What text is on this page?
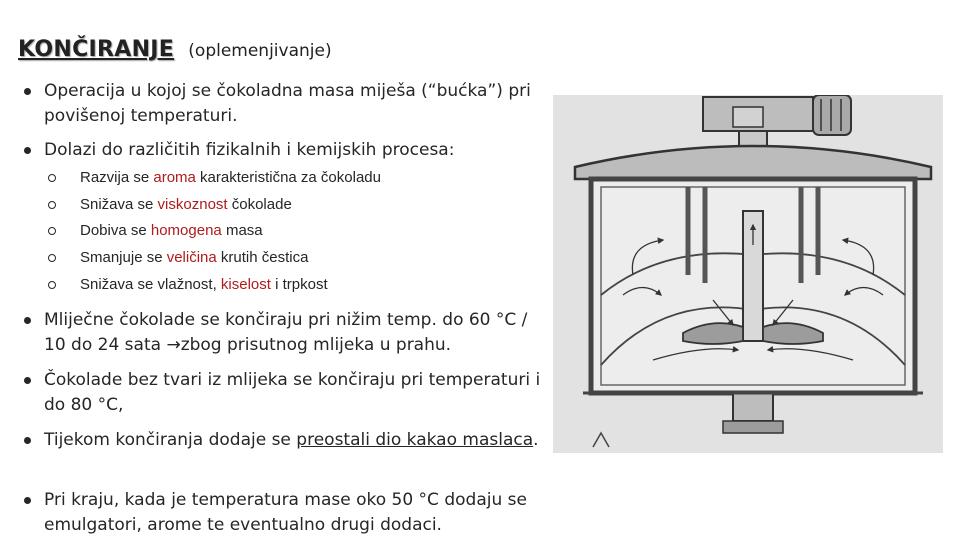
KONČIRANJE (oplemenjivanje)
Operacija u kojoj se čokoladna masa miješa (“bućka”) pri povišenoj temperaturi.
Dolazi do različitih fizikalnih i kemijskih procesa:
Razvija se aroma karakteristična za čokoladu
Snižava se viskoznost čokolade
Dobiva se homogena masa
Smanjuje se veličina krutih čestica
Snižava se vlažnost, kiselost i trpkost
Mliječne čokolade se končiraju pri nižim temp. do 60 °C / 10 do 24 sata →zbog prisutnog mlijeka u prahu.
Čokolade bez tvari iz mlijeka se končiraju pri temperaturi i do 80 °C,
Tijekom končiranja dodaje se preostali dio kakao maslaca.
Pri kraju, kada je temperatura mase oko 50 °C dodaju se emulgatori, arome te eventualno drugi dodaci.
